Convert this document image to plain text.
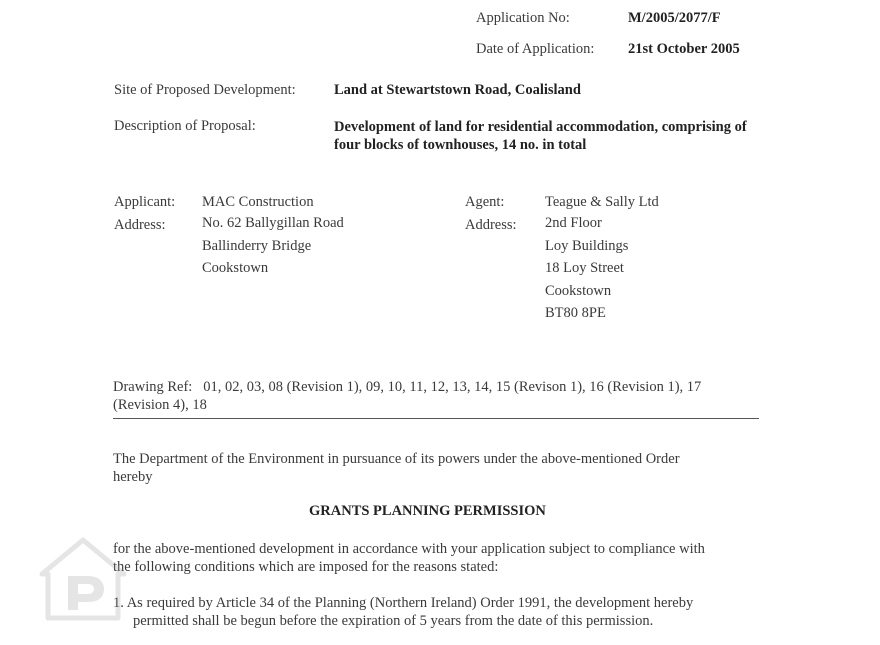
Application No:	M/2005/2077/F
Date of Application: 21st October 2005
Site of Proposed Development:	Land at Stewartstown Road, Coalisland
Description of Proposal:	Development of land for residential accommodation, comprising of
four blocks of townhouses, 14 no. in total
Applicant: MAC Construction
Address:	No. 62 Ballygillan Road
Ballinderry Bridge
Cookstown
Agent:	Teague & Sally Ltd
Address: 2nd Floor
Loy Buildings
18 Loy Street
Cookstown
BT80 8PE
Drawing Ref:   01, 02, 03, 08 (Revision 1), 09, 10, 11, 12, 13, 14, 15 (Revison 1), 16 (Revision 1), 17
(Revision 4), 18
The Department of the Environment in pursuance of its powers under the above-mentioned Order
hereby
GRANTS PLANNING PERMISSION
for the above-mentioned development in accordance with your application subject to compliance with
the following conditions which are imposed for the reasons stated:
1. As required by Article 34 of the Planning (Northern Ireland) Order 1991, the development hereby
permitted shall be begun before the expiration of 5 years from the date of this permission.
